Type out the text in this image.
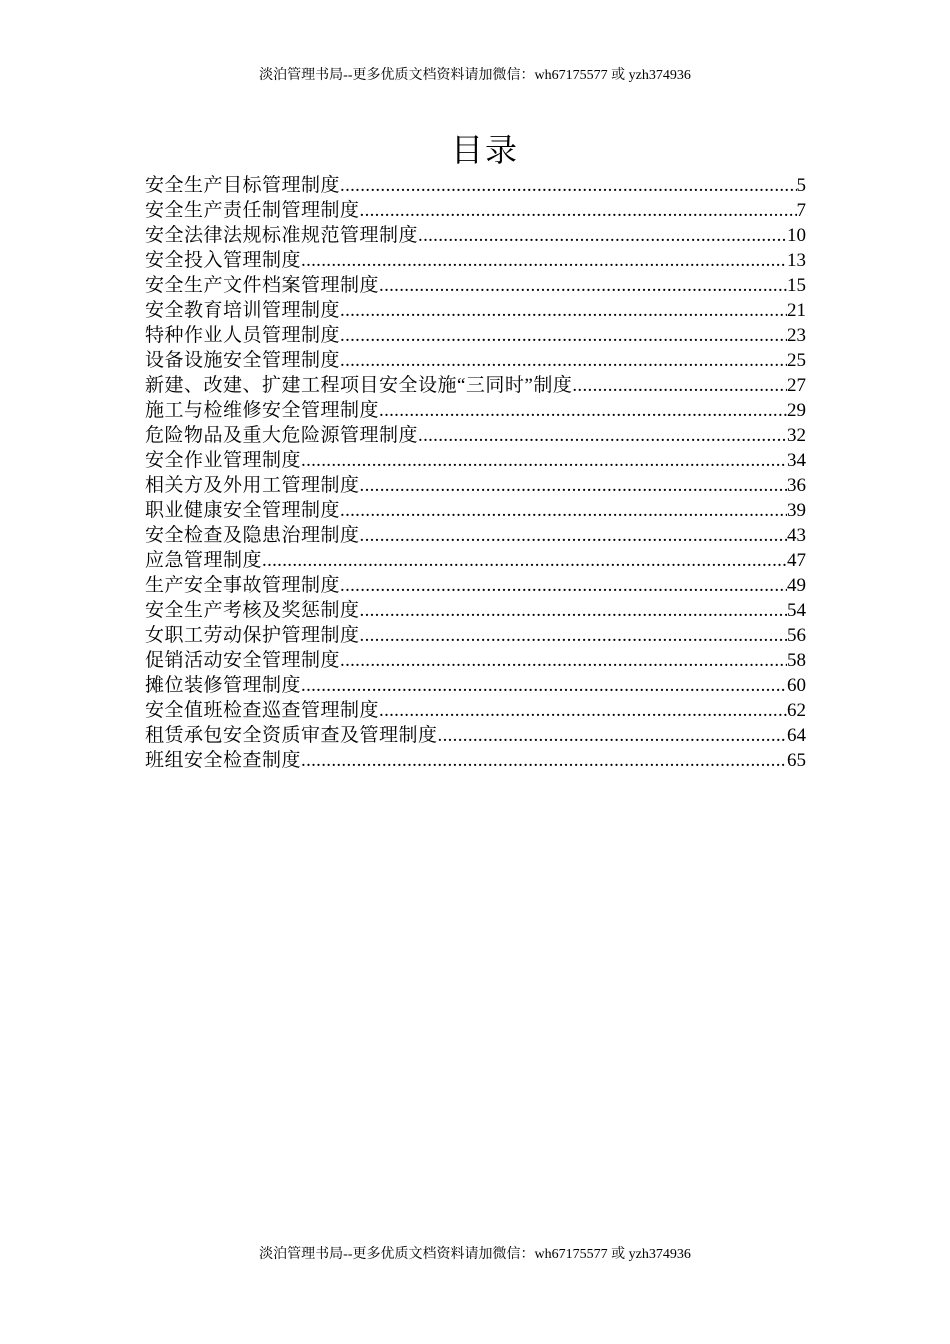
淡泊管理书局--更多优质文档资料请加微信：wh67175577 或 yzh374936
目录
安全生产目标管理制度 .....	5
安全生产责任制管理制度 .....	7
安全法律法规标准规范管理制度 .....	10
安全投入管理制度 .....	13
安全生产文件档案管理制度 .....	15
安全教育培训管理制度 .....	21
特种作业人员管理制度 .....	23
设备设施安全管理制度 .....	25
新建、改建、扩建工程项目安全设施“三同时”制度 .....	27
施工与检维修安全管理制度 .....	29
危险物品及重大危险源管理制度 .....	32
安全作业管理制度 .....	34
相关方及外用工管理制度 .....	36
职业健康安全管理制度 .....	39
安全检查及隐患治理制度 .....	43
应急管理制度 .....	47
生产安全事故管理制度 .....	49
安全生产考核及奖惩制度 .....	54
女职工劳动保护管理制度 .....	56
促销活动安全管理制度 .....	58
摊位装修管理制度 .....	60
安全值班检查巡查管理制度 .....	62
租赁承包安全资质审查及管理制度 .....	64
班组安全检查制度 .....	65
淡泊管理书局--更多优质文档资料请加微信：wh67175577 或 yzh374936
